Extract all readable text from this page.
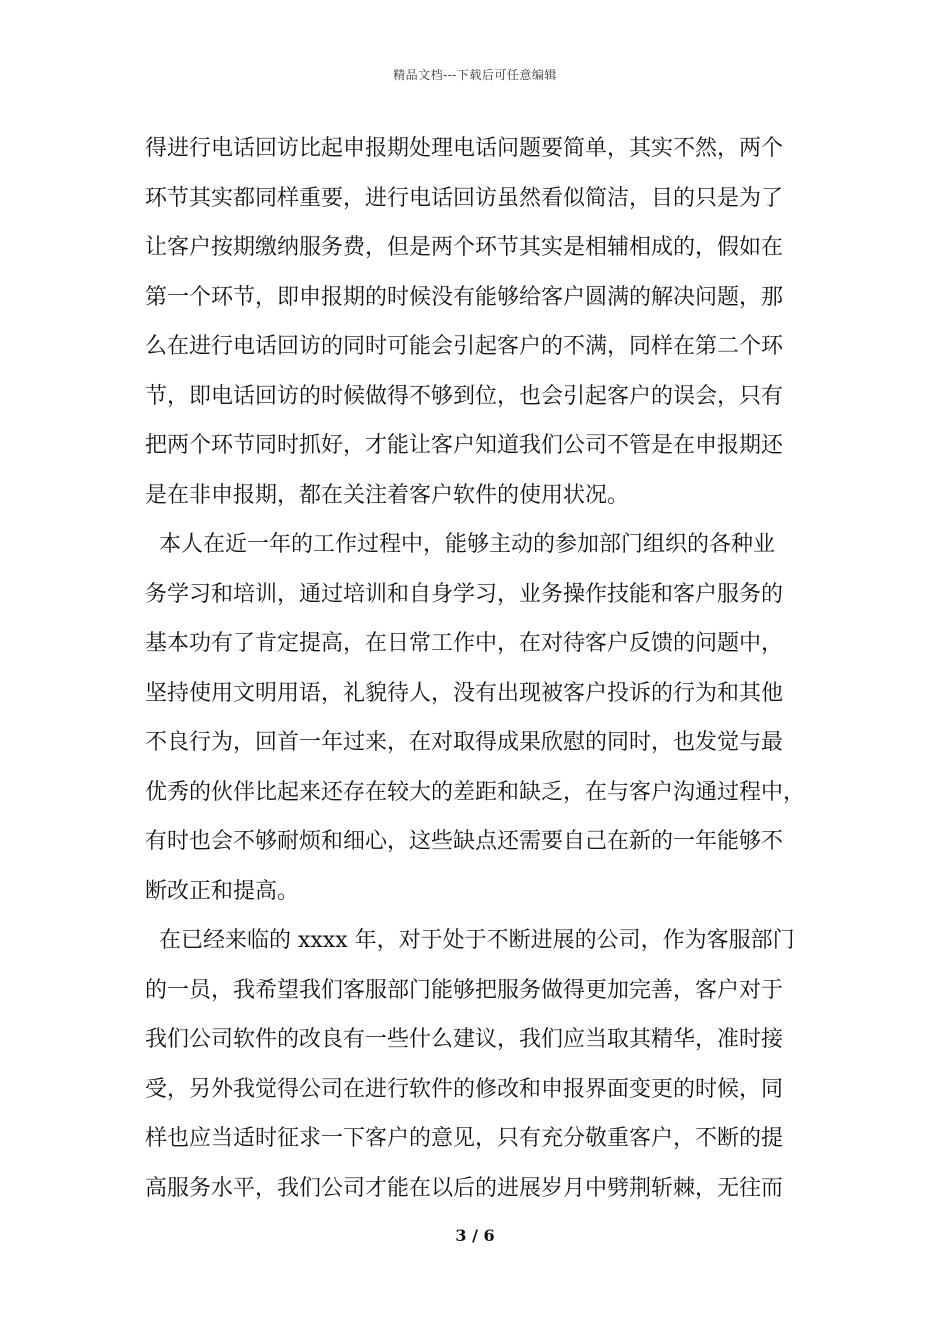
精品文档---下载后可任意编辑
得进行电话回访比起申报期处理电话问题要简单，其实不然，两个
环节其实都同样重要，进行电话回访虽然看似简洁，目的只是为了
让客户按期缴纳服务费，但是两个环节其实是相辅相成的，假如在
第一个环节，即申报期的时候没有能够给客户圆满的解决问题，那
么在进行电话回访的同时可能会引起客户的不满，同样在第二个环
节，即电话回访的时候做得不够到位，也会引起客户的误会，只有
把两个环节同时抓好，才能让客户知道我们公司不管是在申报期还
是在非申报期，都在关注着客户软件的使用状况。
本人在近一年的工作过程中，能够主动的参加部门组织的各种业
务学习和培训，通过培训和自身学习，业务操作技能和客户服务的
基本功有了肯定提高，在日常工作中，在对待客户反馈的问题中，
坚持使用文明用语，礼貌待人，没有出现被客户投诉的行为和其他
不良行为，回首一年过来，在对取得成果欣慰的同时，也发觉与最
优秀的伙伴比起来还存在较大的差距和缺乏，在与客户沟通过程中，
有时也会不够耐烦和细心，这些缺点还需要自己在新的一年能够不
断改正和提高。
在已经来临的 xxxx 年，对于处于不断进展的公司，作为客服部门
的一员，我希望我们客服部门能够把服务做得更加完善，客户对于
我们公司软件的改良有一些什么建议，我们应当取其精华，准时接
受，另外我觉得公司在进行软件的修改和申报界面变更的时候，同
样也应当适时征求一下客户的意见，只有充分敬重客户，不断的提
高服务水平，我们公司才能在以后的进展岁月中劈荆斩棘，无往而
3 / 6
